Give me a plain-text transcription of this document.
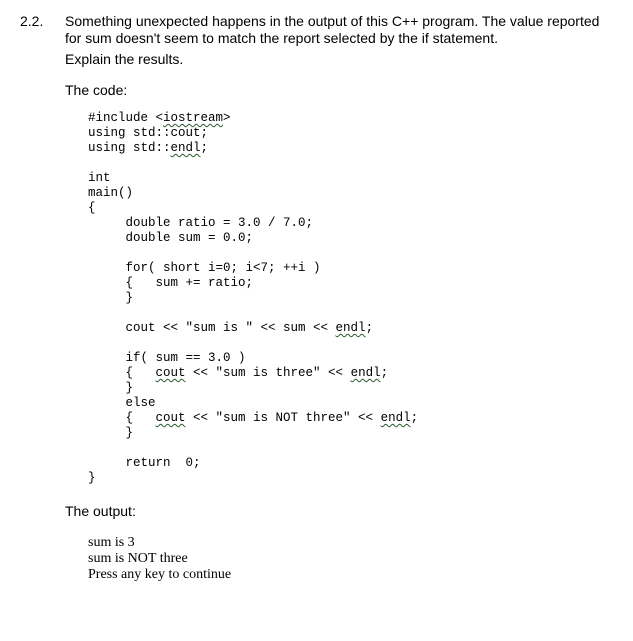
2.2. Something unexpected happens in the output of this C++ program. The value reported for sum doesn't seem to match the report selected by the if statement.
Explain the results.
The code:
#include <iostream>
using std::cout;
using std::endl;
int
main()
{
double ratio = 3.0 / 7.0;
double sum = 0.0;
for( short i=0; i<7; ++i )
{   sum += ratio;
}
cout << "sum is " << sum << endl;
if( sum == 3.0 )
{   cout << "sum is three" << endl;
}
else
{   cout << "sum is NOT three" << endl;
}
return  0;
}
The output:
sum is 3
sum is NOT three
Press any key to continue
